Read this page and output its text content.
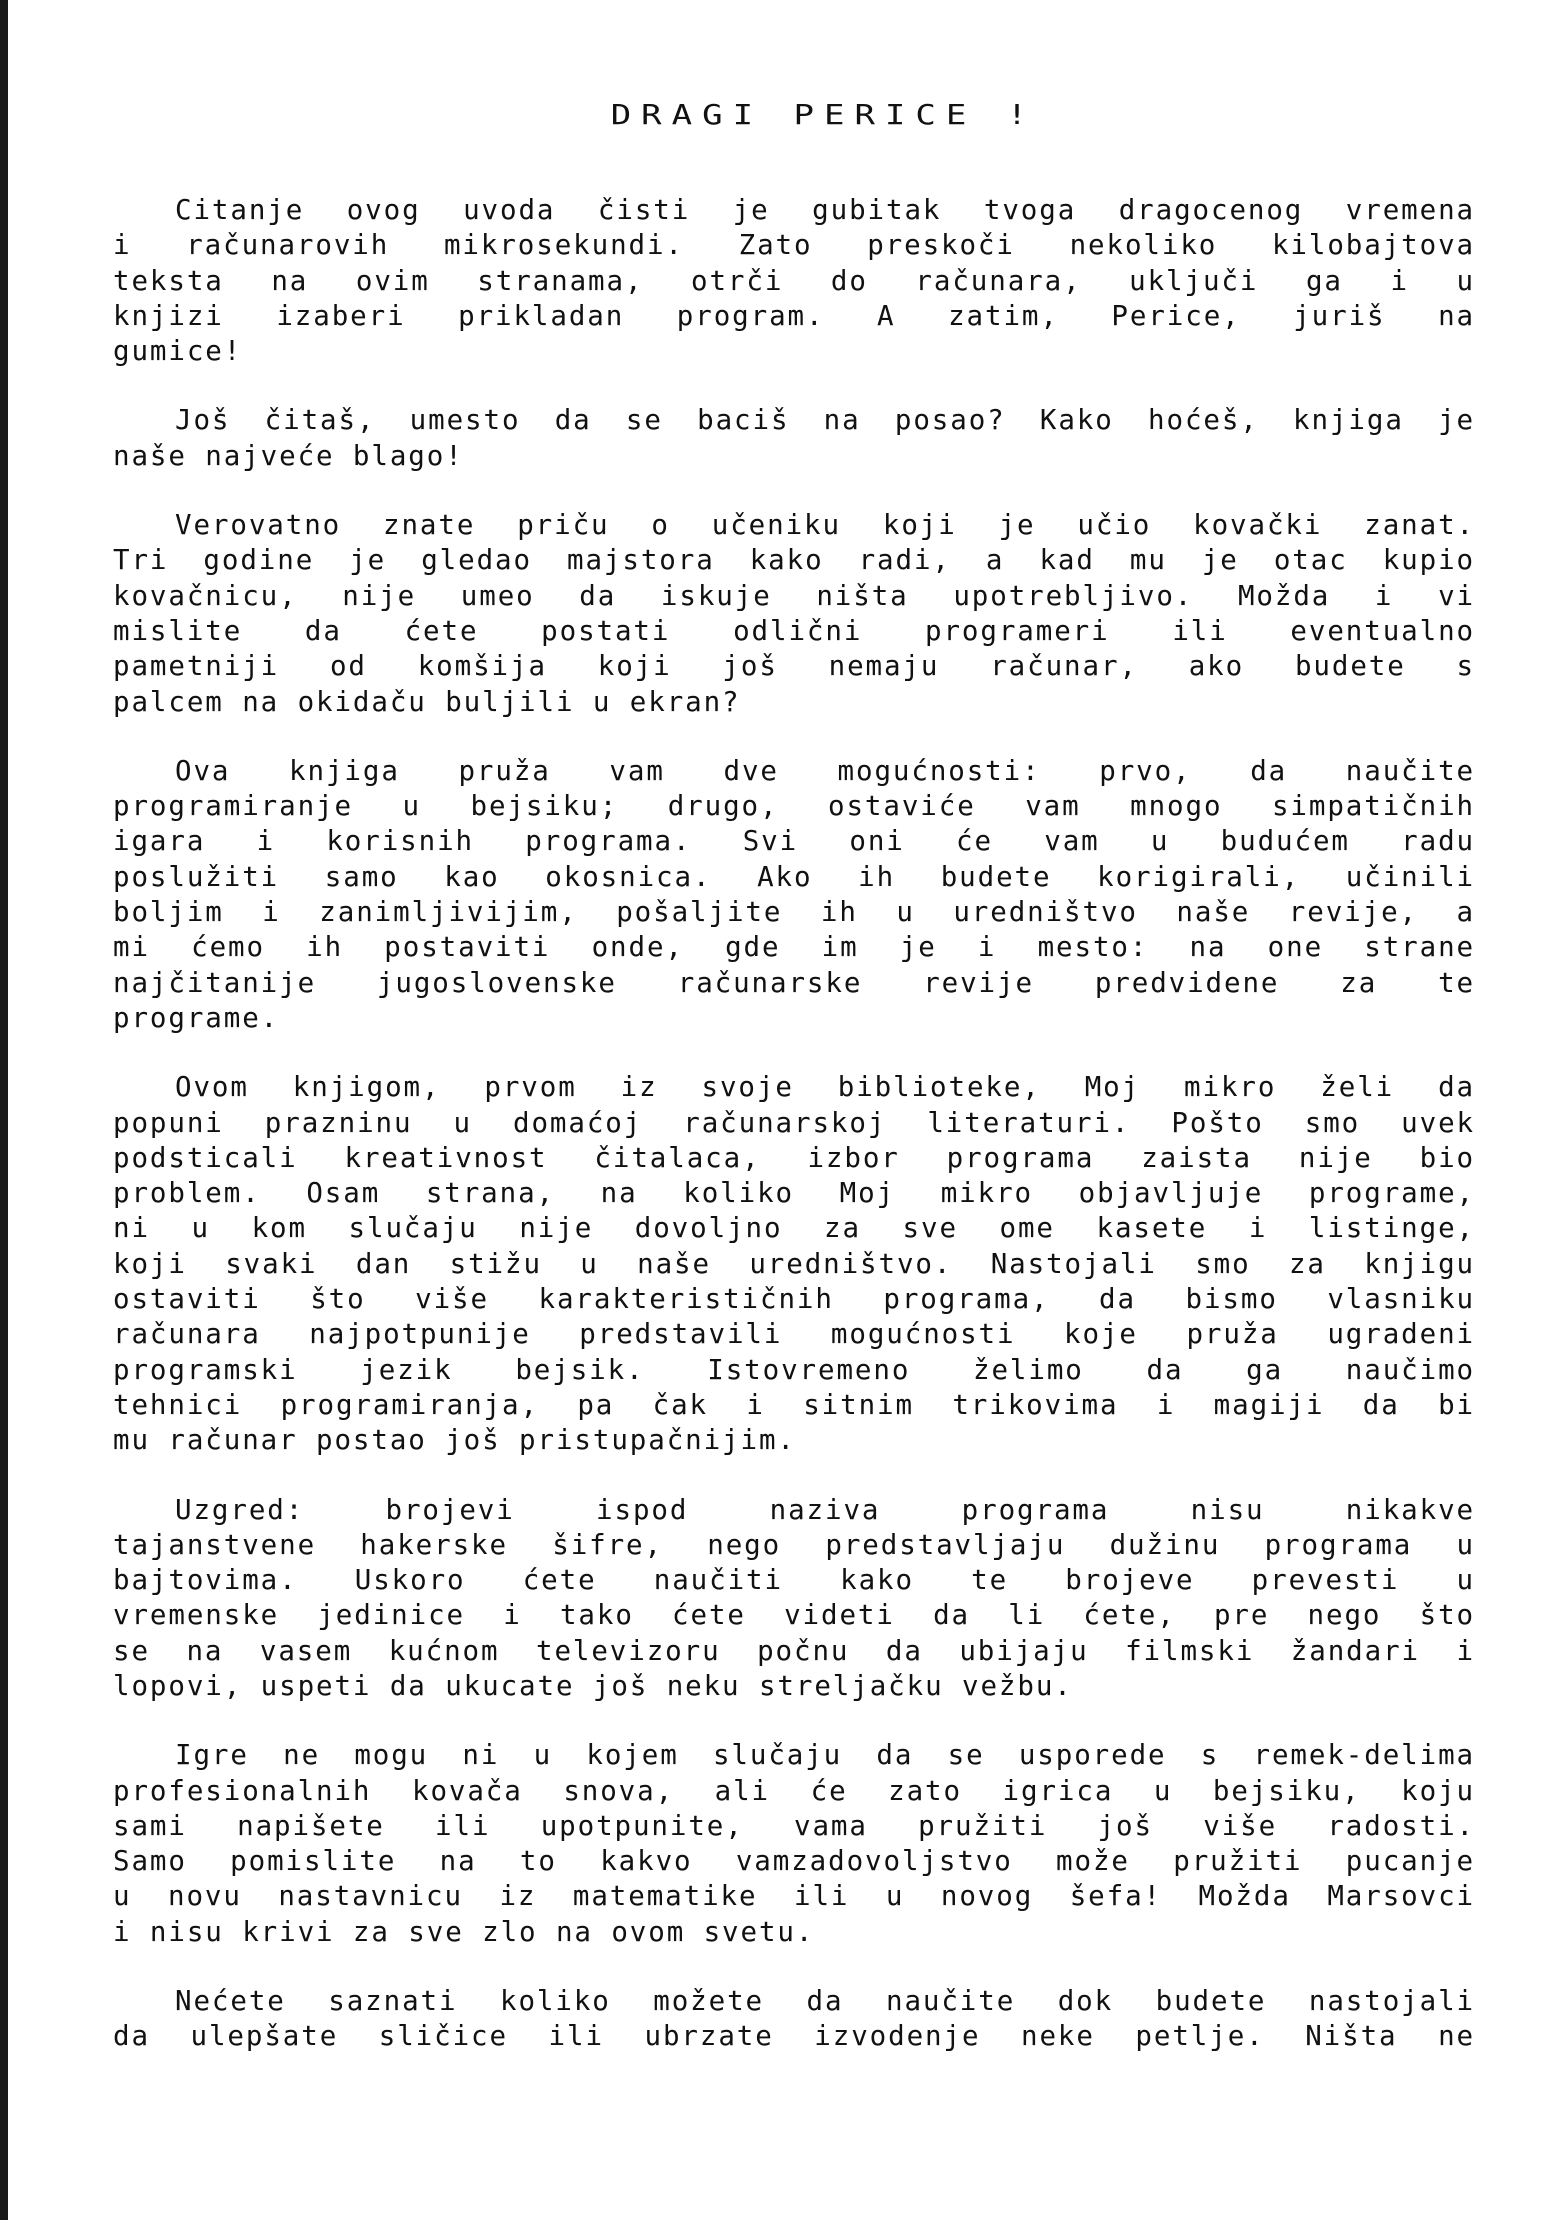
DRAGI PERICE !
Citanje ovog uvoda čisti je gubitak tvoga dragocenog vremena
i računarovih mikrosekundi. Zato preskoči nekoliko kilobajtova
teksta na ovim stranama, otrči do računara, uključi ga i u
knjizi izaberi prikladan program. A zatim, Perice, juriš na
gumice!
Još čitaš, umesto da se baciš na posao? Kako hoćeš, knjiga je
naše najveće blago!
Verovatno znate priču o učeniku koji je učio kovački zanat.
Tri godine je gledao majstora kako radi, a kad mu je otac kupio
kovačnicu, nije umeo da iskuje ništa upotrebljivo. Možda i vi
mislite da ćete postati odlični programeri ili eventualno
pametniji od komšija koji još nemaju računar, ako budete s
palcem na okidaču buljili u ekran?
Ova knjiga pruža vam dve mogućnosti: prvo, da naučite
programiranje u bejsiku; drugo, ostaviće vam mnogo simpatičnih
igara i korisnih programa. Svi oni će vam u budućem radu
poslužiti samo kao okosnica. Ako ih budete korigirali, učinili
boljim i zanimljivijim, pošaljite ih u uredništvo naše revije, a
mi ćemo ih postaviti onde, gde im je i mesto: na one strane
najčitanije jugoslovenske računarske revije predvidene za te
programe.
Ovom knjigom, prvom iz svoje biblioteke, Moj mikro želi da
popuni prazninu u domaćoj računarskoj literaturi. Pošto smo uvek
podsticali kreativnost čitalaca, izbor programa zaista nije bio
problem. Osam strana, na koliko Moj mikro objavljuje programe,
ni u kom slučaju nije dovoljno za sve ome kasete i listinge,
koji svaki dan stižu u naše uredništvo. Nastojali smo za knjigu
ostaviti što više karakterističnih programa, da bismo vlasniku
računara najpotpunije predstavili mogućnosti koje pruža ugradeni
programski jezik bejsik. Istovremeno želimo da ga naučimo
tehnici programiranja, pa čak i sitnim trikovima i magiji da bi
mu računar postao još pristupačnijim.
Uzgred: brojevi ispod naziva programa nisu nikakve
tajanstvene hakerske šifre, nego predstavljaju dužinu programa u
bajtovima. Uskoro ćete naučiti kako te brojeve prevesti u
vremenske jedinice i tako ćete videti da li ćete, pre nego što
se na vasem kućnom televizoru počnu da ubijaju filmski žandari i
lopovi, uspeti da ukucate još neku streljačku vežbu.
Igre ne mogu ni u kojem slučaju da se usporede s remek-delima
profesionalnih kovača snova, ali će zato igrica u bejsiku, koju
sami napišete ili upotpunite, vama pružiti još više radosti.
Samo pomislite na to kakvo vamzadovoljstvo može pružiti pucanje
u novu nastavnicu iz matematike ili u novog šefa! Možda Marsovci
i nisu krivi za sve zlo na ovom svetu.
Nećete saznati koliko možete da naučite dok budete nastojali
da ulepšate sličice ili ubrzate izvodenje neke petlje. Ništa ne
